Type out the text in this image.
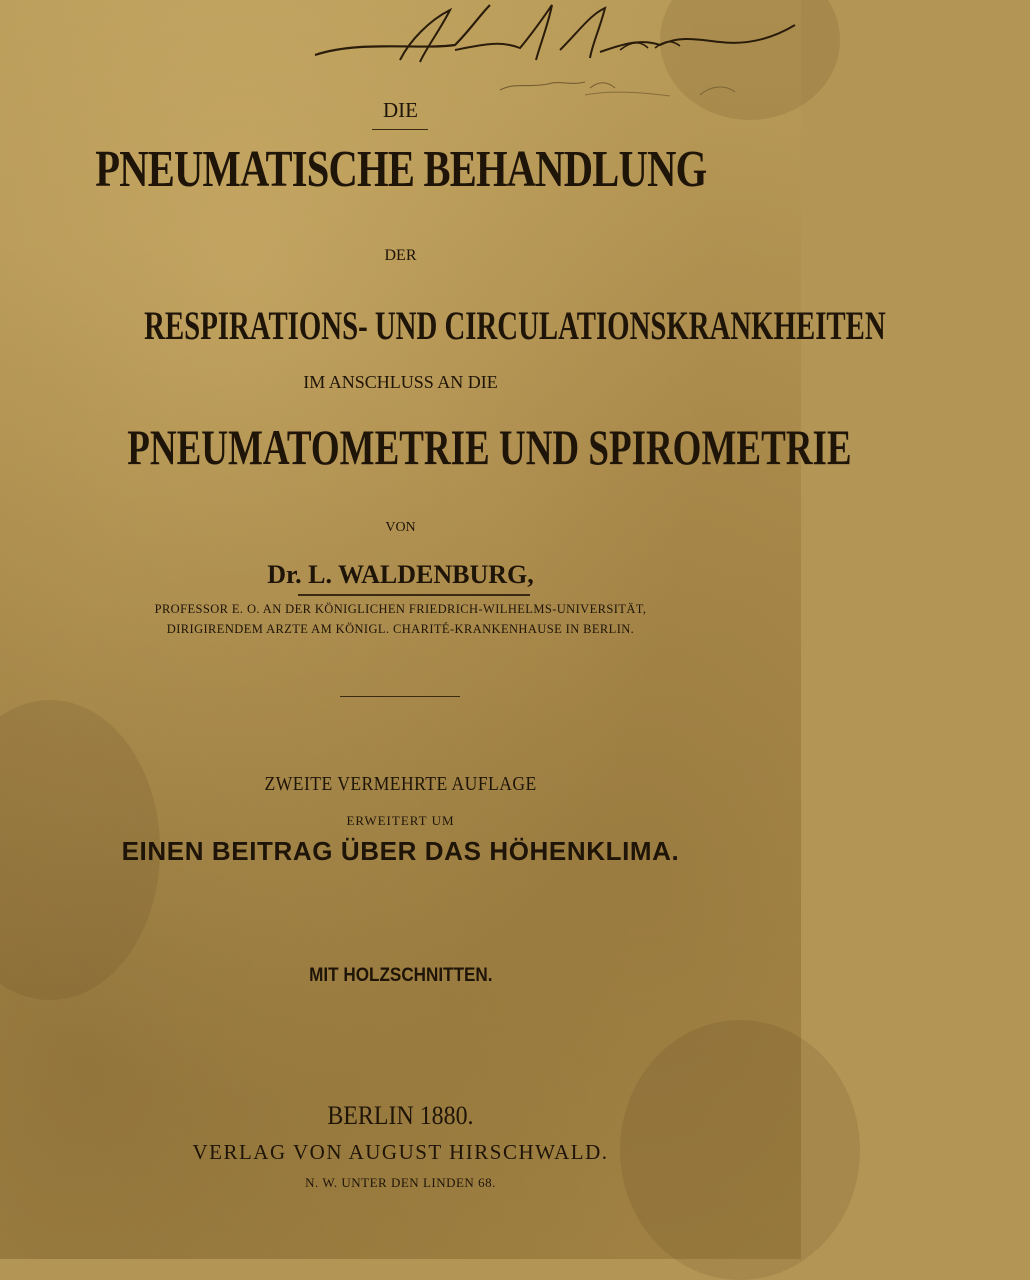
DIE
PNEUMATISCHE BEHANDLUNG
DER
RESPIRATIONS- UND CIRCULATIONSKRANKHEITEN
IM ANSCHLUSS AN DIE
PNEUMATOMETRIE UND SPIROMETRIE
VON
Dr. L. WALDENBURG,
PROFESSOR E. O. AN DER KÖNIGLICHEN FRIEDRICH-WILHELMS-UNIVERSITÄT,
DIRIGIRENDEM ARZTE AM KÖNIGL. CHARITÉ-KRANKENHAUSE IN BERLIN.
ZWEITE VERMEHRTE AUFLAGE
ERWEITERT UM
EINEN BEITRAG ÜBER DAS HÖHENKLIMA.
MIT HOLZSCHNITTEN.
BERLIN 1880.
VERLAG VON AUGUST HIRSCHWALD.
N. W. UNTER DEN LINDEN 68.
